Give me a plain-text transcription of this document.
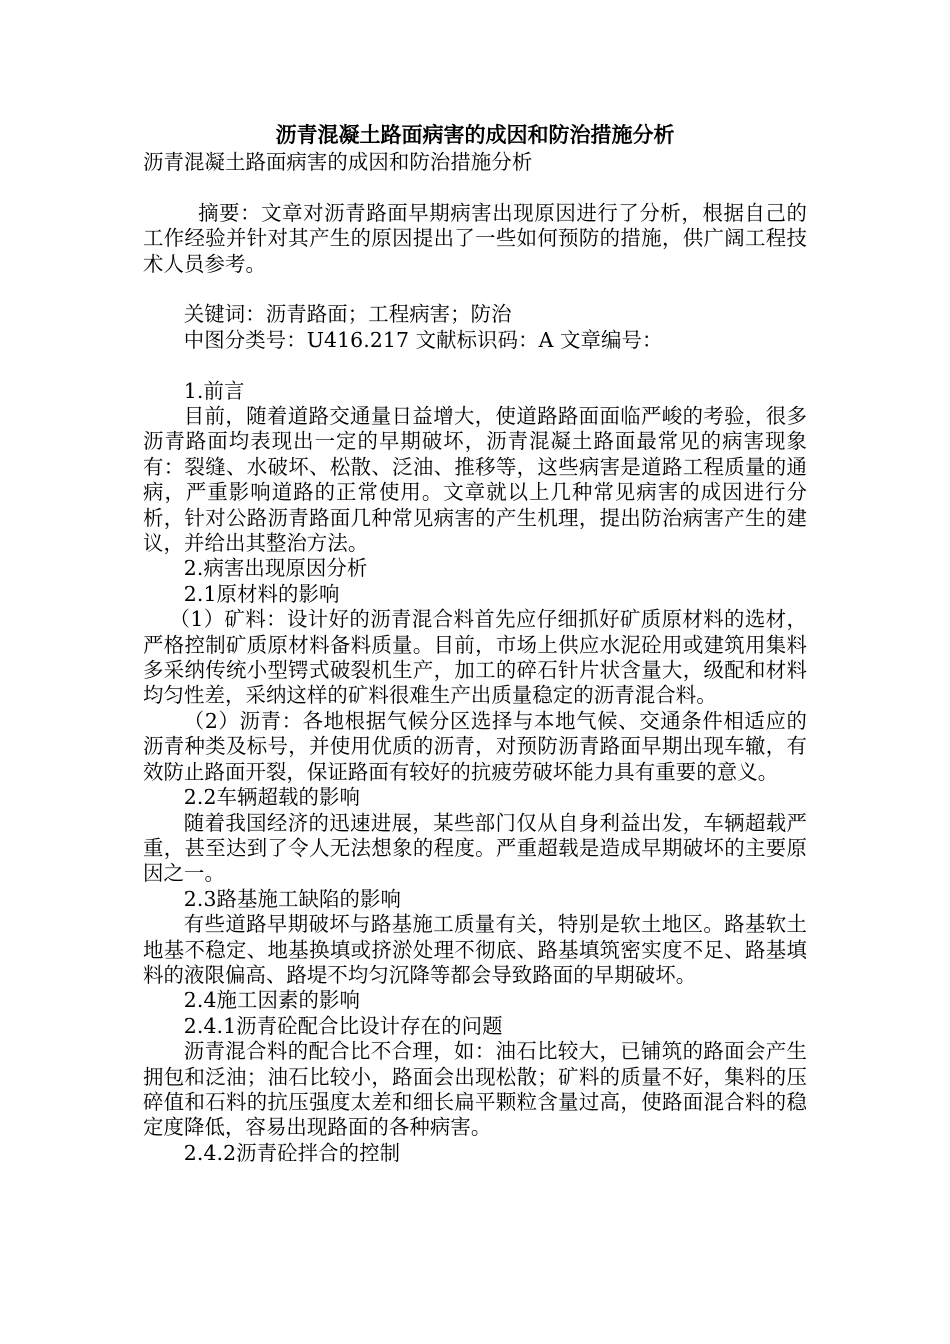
沥青混凝土路面病害的成因和防治措施分析

沥青混凝土路面病害的成因和防治措施分析

摘要：文章对沥青路面早期病害出现原因进行了分析，根据自己的工作经验并针对其产生的原因提出了一些如何预防的措施，供广阔工程技术人员参考。

关键词：沥青路面；工程病害；防治

中图分类号：U416.217 文献标识码：A 文章编号：

1.前言

目前，随着道路交通量日益增大，使道路路面面临严峻的考验，很多沥青路面均表现出一定的早期破坏，沥青混凝土路面最常见的病害现象有：裂缝、水破坏、松散、泛油、推移等，这些病害是道路工程质量的通病，严重影响道路的正常使用。文章就以上几种常见病害的成因进行分析，针对公路沥青路面几种常见病害的产生机理，提出防治病害产生的建议，并给出其整治方法。

2.病害出现原因分析

2.1原材料的影响

（1）矿料：设计好的沥青混合料首先应仔细抓好矿质原材料的选材，严格控制矿质原材料备料质量。目前，市场上供应水泥砼用或建筑用集料多采纳传统小型锷式破裂机生产，加工的碎石针片状含量大，级配和材料均匀性差，采纳这样的矿料很难生产出质量稳定的沥青混合料。

（2）沥青：各地根据气候分区选择与本地气候、交通条件相适应的沥青种类及标号，并使用优质的沥青，对预防沥青路面早期出现车辙，有效防止路面开裂，保证路面有较好的抗疲劳破坏能力具有重要的意义。

2.2车辆超载的影响

随着我国经济的迅速进展，某些部门仅从自身利益出发，车辆超载严重，甚至达到了令人无法想象的程度。严重超载是造成早期破坏的主要原因之一。

2.3路基施工缺陷的影响

有些道路早期破坏与路基施工质量有关，特别是软土地区。路基软土地基不稳定、地基换填或挤淤处理不彻底、路基填筑密实度不足、路基填料的液限偏高、路堤不均匀沉降等都会导致路面的早期破坏。

2.4施工因素的影响

2.4.1沥青砼配合比设计存在的问题

沥青混合料的配合比不合理，如：油石比较大，已铺筑的路面会产生拥包和泛油；油石比较小，路面会出现松散；矿料的质量不好，集料的压碎值和石料的抗压强度太差和细长扁平颗粒含量过高，使路面混合料的稳定度降低，容易出现路面的各种病害。

2.4.2沥青砼拌合的控制
